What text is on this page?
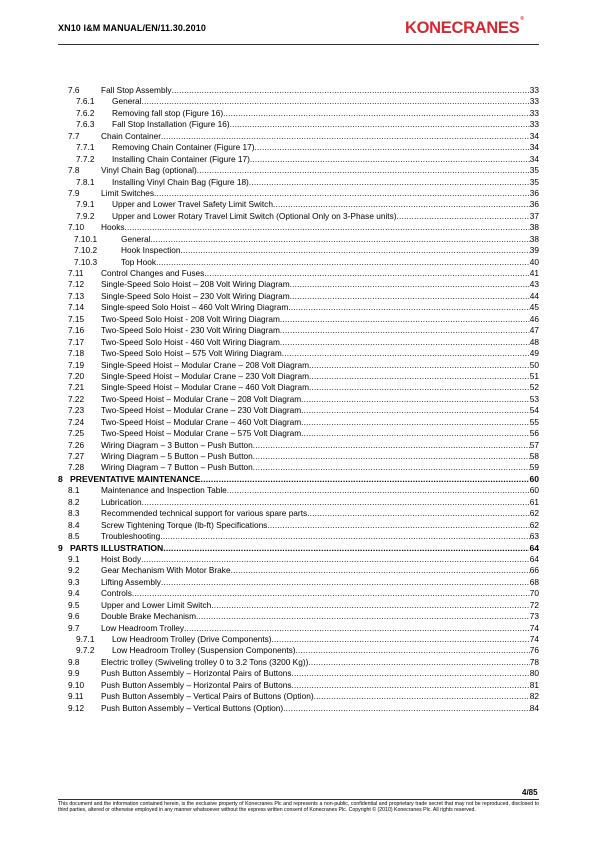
XN10 I&M MANUAL/EN/11.30.2010	KONECRANES®
7.6	Fall Stop Assembly .....	33
7.6.1 General .....	33
7.6.2 Removing fall stop (Figure 16) .....	33
7.6.3 Fall Stop Installation (Figure 16) .....	33
7.7	Chain Container .....	34
7.7.1 Removing Chain Container (Figure 17) .....	34
7.7.2 Installing Chain Container (Figure 17) .....	34
7.8	Vinyl Chain Bag (optional) .....	35
7.8.1 Installing Vinyl Chain Bag (Figure 18) .....	35
7.9	Limit Switches .....	36
7.9.1 Upper and Lower Travel Safety Limit Switch .....	36
7.9.2 Upper and Lower Rotary Travel Limit Switch (Optional Only on 3-Phase units) .....	37
7.10 Hooks .....	38
7.10.1	General .....	38
7.10.2	Hook Inspection .....	39
7.10.3	Top Hook .....	40
7.11 Control Changes and Fuses .....	41
7.12 Single-Speed Solo Hoist – 208 Volt Wiring Diagram .....	43
7.13 Single-Speed Solo Hoist – 230 Volt Wiring Diagram .....	44
7.14 Single-speed Solo Hoist – 460 Volt Wiring Diagram .....	45
7.15 Two-Speed Solo Hoist - 208 Volt Wiring Diagram .....	46
7.16 Two-Speed Solo Hoist - 230 Volt Wiring Diagram .....	47
7.17 Two-Speed Solo Hoist - 460 Volt Wiring Diagram .....	48
7.18 Two-Speed Solo Hoist – 575 Volt Wiring Diagram .....	49
7.19 Single-Speed Hoist – Modular Crane – 208 Volt Diagram .....	50
7.20 Single-Speed Hoist – Modular Crane – 230 Volt Diagram .....	51
7.21 Single-Speed Hoist – Modular Crane – 460 Volt Diagram .....	52
7.22 Two-Speed Hoist – Modular Crane – 208 Volt Diagram .....	53
7.23 Two-Speed Hoist – Modular Crane – 230 Volt Diagram .....	54
7.24 Two-Speed Hoist – Modular Crane – 460 Volt Diagram .....	55
7.25 Two-Speed Hoist – Modular Crane – 575 Volt Diagram .....	56
7.26 Wiring Diagram – 3 Button – Push Button .....	57
7.27 Wiring Diagram – 5 Button – Push Button .....	58
7.28 Wiring Diagram – 7 Button – Push Button .....	59
8 PREVENTATIVE MAINTENANCE .....	60
8.1	Maintenance and Inspection Table .....	60
8.2	Lubrication .....	61
8.3	Recommended technical support for various spare parts .....	62
8.4	Screw Tightening Torque (lb-ft) Specifications .....	62
8.5	Troubleshooting .....	63
9 PARTS ILLUSTRATION .....	64
9.1	Hoist Body .....	64
9.2	Gear Mechanism With Motor Brake .....	66
9.3	Lifting Assembly .....	68
9.4	Controls .....	70
9.5	Upper and Lower Limit Switch .....	72
9.6	Double Brake Mechanism .....	73
9.7	Low Headroom Trolley .....	74
9.7.1 Low Headroom Trolley (Drive Components) .....	74
9.7.2 Low Headroom Trolley (Suspension Components) .....	76
9.8	Electric trolley (Swiveling trolley 0 to 3.2 Tons (3200 Kg)) .....	78
9.9	Push Button Assembly – Horizontal Pairs of Buttons .....	80
9.10 Push Button Assembly – Horizontal Pairs of Buttons .....	81
9.11 Push Button Assembly – Vertical Pairs of Buttons (Option) .....	82
9.12 Push Button Assembly – Vertical Buttons (Option) .....	84
4/85
This document and the information contained herein, is the exclusive property of Konecranes Plc and represents a non-public, confidential and proprietary trade secret that may not be reproduced, disclosed to third parties, altered or otherwise employed in any manner whatsoever without the express written consent of Konecranes Plc. Copyright © (2010) Konecranes Plc. All rights reserved.
